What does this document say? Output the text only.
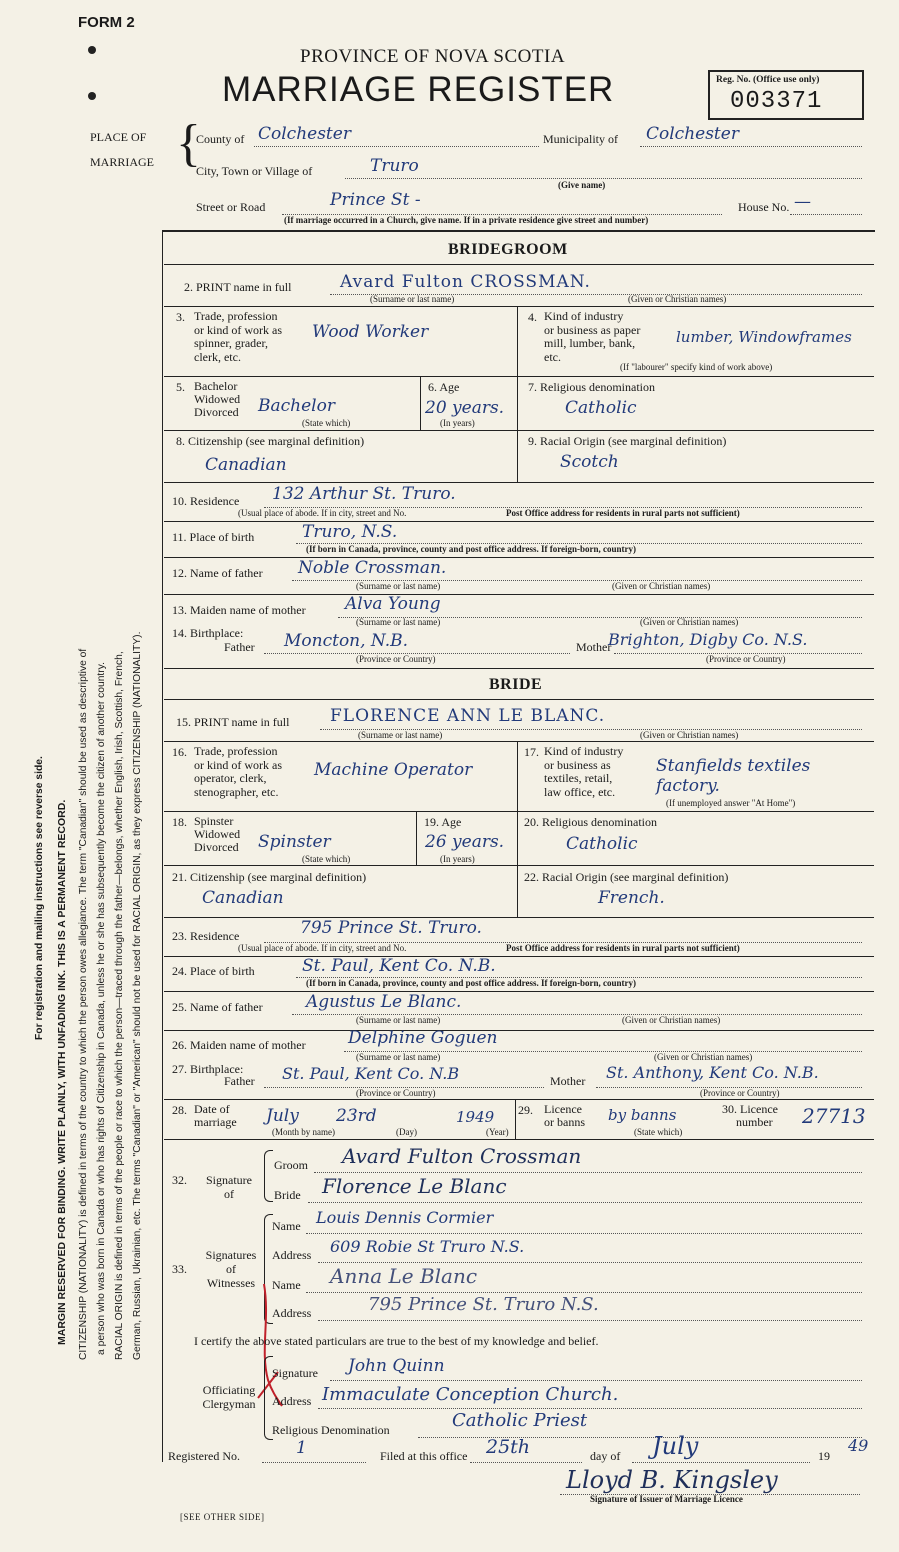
FORM 2
PROVINCE OF NOVA SCOTIA
MARRIAGE REGISTER	Reg. No. (Office use only)
003371
For registration and mailing instructions see reverse side. MARGIN RESERVED FOR BINDING. WRITE PLAINLY, WITH UNFADING INK. THIS IS A PERMANENT RECORD. CITIZENSHIP (NATIONALITY) is defined in terms of the country to which the person owes allegiance. The term "Canadian" should be used as descriptive of a person who was born in Canada or who has rights of Citizenship in Canada, unless he or she has subsequently become the citizen of another country. RACIAL ORIGIN is defined in terms of the people or race to which the person—traced through the father—belongs, whether English, Irish, Scottish, French, German, Russian, Ukrainian, etc. The terms "Canadian" or "American" should not be used for RACIAL ORIGIN, as they express CITIZENSHIP (NATIONALITY).
PLACE OF
MARRIAGE {
County of Colchester	Municipality of Colchester
City, Town or Village of	Truro
(Give name)
Street or Road	Prince St -	House No. —
(If marriage occurred in a Church, give name. If in a private residence give street and number)
BRIDEGROOM
2. PRINT name in full	Avard Fulton CROSSMAN.
(Surname or last name)	(Given or Christian names)
3. Trade, profession
or kind of work as
spinner, grader,
clerk, etc.
Wood Worker
4. Kind of industry
or business as paper
mill, lumber, bank,
etc.
lumber, Windowframes
(If "labourer" specify kind of work above)
5. Bachelor
Widowed
Divorced Bachelor
(State which)
6. Age
20 years.
(In years)
7. Religious denomination
Catholic
8. Citizenship (see marginal definition)
Canadian
9. Racial Origin (see marginal definition)
Scotch
10. Residence 132 Arthur St. Truro.
(Usual place of abode. If in city, street and No.	Post Office address for residents in rural parts not sufficient)
11. Place of birth	Truro, N.S.
(If born in Canada, province, county and post office address. If foreign-born, country)
12. Name of father Noble Crossman.
(Surname or last name)	(Given or Christian names)
13. Maiden name of mother Alva Young
(Surname or last name)	(Given or Christian names)
14. Birthplace:
Father Moncton, N.B.
(Province or Country)
Mother
Brighton, Digby Co. N.S.
(Province or Country)
BRIDE
15. PRINT name in full FLORENCE ANN LE BLANC.
(Surname or last name)	(Given or Christian names)
16. Trade, profession
or kind of work as
operator, clerk,
stenographer, etc.
Machine Operator
17. Kind of industry
or business as
textiles, retail,
law office, etc.
Stanfields textiles factory.
(If unemployed answer "At Home")
18. Spinster
Widowed
Divorced Spinster
(State which)
19. Age
26 years.
(In years)
20. Religious denomination
Catholic
21. Citizenship (see marginal definition)
Canadian
22. Racial Origin (see marginal definition)
French.
23. Residence	795 Prince St. Truro.
(Usual place of abode. If in city, street and No.	Post Office address for residents in rural parts not sufficient)
24. Place of birth	St. Paul, Kent Co. N.B.
(If born in Canada, province, county and post office address. If foreign-born, country)
25. Name of father	Agustus Le Blanc.
(Surname or last name)	(Given or Christian names)
26. Maiden name of mother Delphine Goguen
(Surname or last name)	(Given or Christian names)
27. Birthplace:
Father St. Paul, Kent Co. N.B
(Province or Country)
Mother St. Anthony, Kent Co. N.B.
(Province or Country)
28. Date of
marriage July 23rd	1949
(Month by name)	(Day)	(Year)
29. Licence
or banns by banns
(State which)
30. Licence
number 27713
32.	Signature
of
Groom Avard Fulton Crossman
Bride Florence Le Blanc
33.
Signatures
of
Witnesses
Name Louis Dennis Cormier
Address 609 Robie St Truro N.S.
Name Anna Le Blanc
Address	795 Prince St. Truro N.S.
I certify the above stated particulars are true to the best of my knowledge and belief.
Officiating
Clergyman
Signature John Quinn
Address Immaculate Conception Church.
Religious Denomination	Catholic Priest
Registered No.	1	Filed at this office 25th	day of July	19
49
Lloyd B. Kingsley
Signature of Issuer of Marriage Licence
[SEE OTHER SIDE]
